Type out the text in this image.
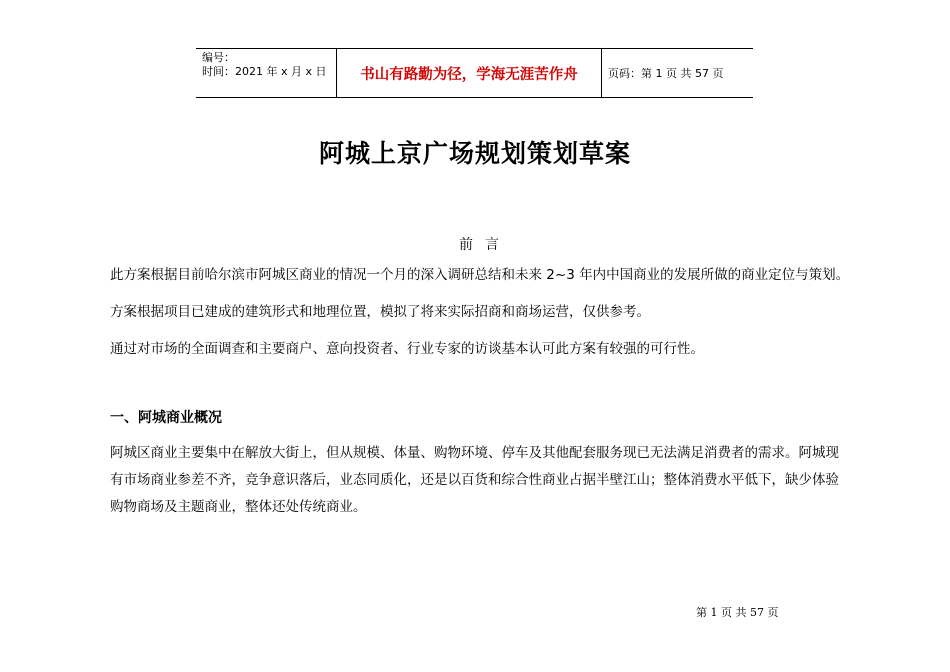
编号：
时间：2021 年 x 月 x 日	书山有路勤为径，学海无涯苦作舟	页码：第 1 页 共 57 页
阿城上京广场规划策划草案
前言
此方案根据目前哈尔滨市阿城区商业的情况一个月的深入调研总结和未来 2~3 年内中国商业的发展所做的商业定位与策划。
方案根据项目已建成的建筑形式和地理位置，模拟了将来实际招商和商场运营，仅供参考。
通过对市场的全面调查和主要商户、意向投资者、行业专家的访谈基本认可此方案有较强的可行性。
一、阿城商业概况
阿城区商业主要集中在解放大街上，但从规模、体量、购物环境、停车及其他配套服务现已无法满足消费者的需求。阿城现有市场商业参差不齐，竞争意识落后，业态同质化，还是以百货和综合性商业占据半壁江山；整体消费水平低下，缺少体验购物商场及主题商业，整体还处传统商业。
第 1 页 共 57 页
